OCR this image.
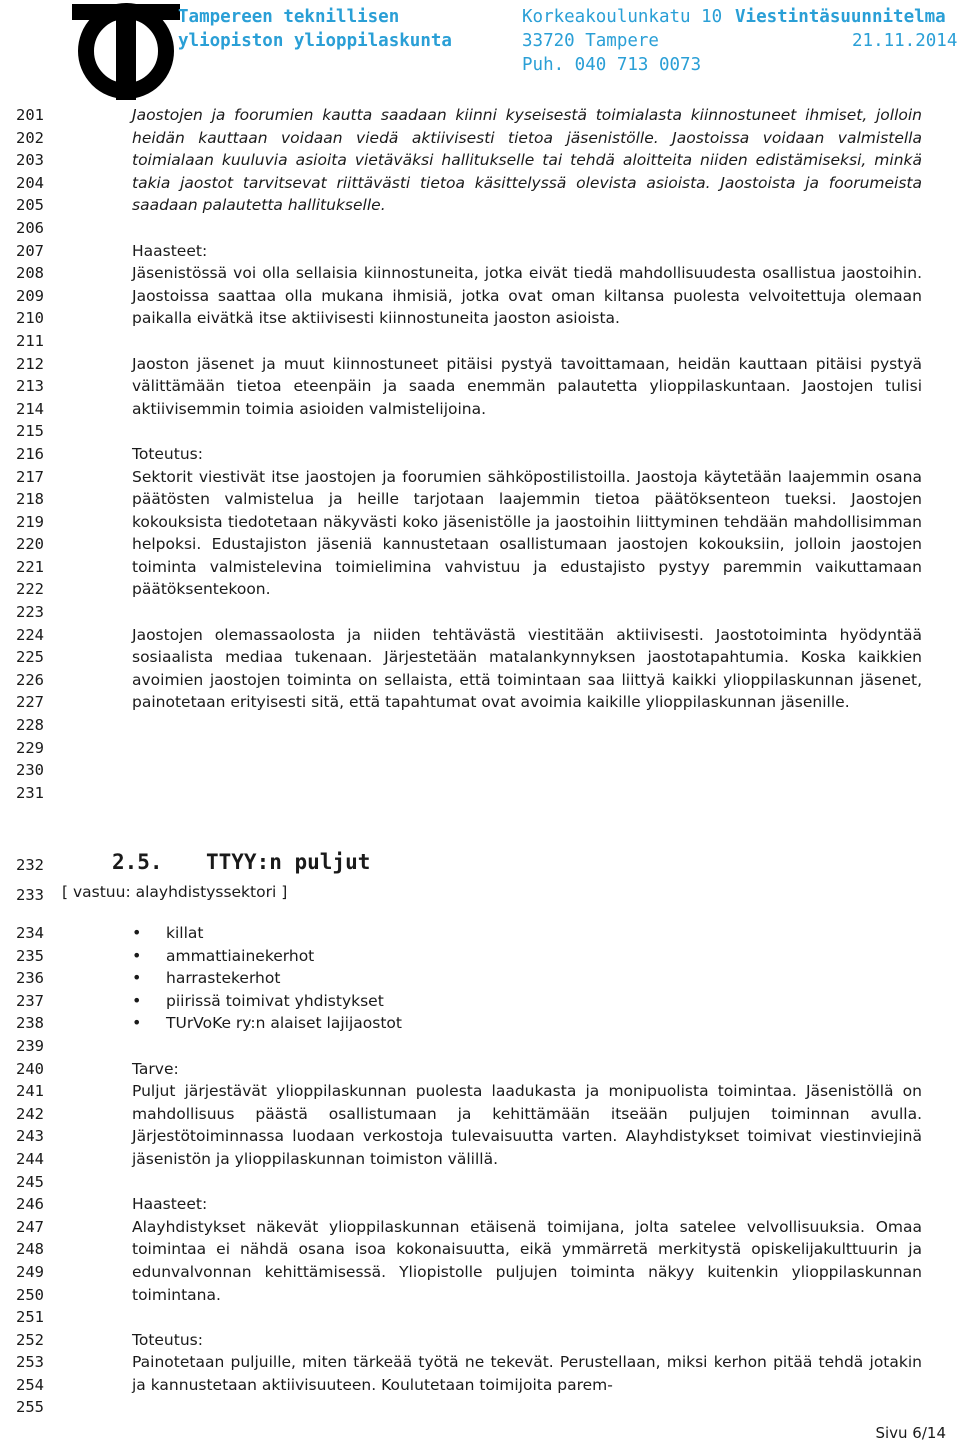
Tampereen teknillisen
yliopiston ylioppilaskunta
Korkeakoulunkatu 10
33720 Tampere
Puh. 040 713 0073
Viestintäsuunnitelma
21.11.2014
201
202
203
204
205
206
207
208
209
210
211
212
213
214
215
216
217
218
219
220
221
222
223
224
225
226
227
228
229
230
231
232
233
234
235
236
237
238
239
240
241
242
243
244
245
246
247
248
249
250
251
252
253
254
255

Jaostojen ja foorumien kautta saadaan kiinni kyseisestä toimialasta kiinnostuneet ihmiset, jolloin heidän kauttaan voidaan viedä aktiivisesti tietoa jäsenistölle. Jaostoissa voidaan valmistella toimialaan kuuluvia asioita vietäväksi hallitukselle tai tehdä aloitteita niiden edistämiseksi, minkä takia jaostot tarvitsevat riittävästi tietoa käsittelyssä olevista asioista. Jaostoista ja foorumeista saadaan palautetta hallitukselle.

Haasteet:

Jäsenistössä voi olla sellaisia kiinnostuneita, jotka eivät tiedä mahdollisuudesta osallistua jaostoihin. Jaostoissa saattaa olla mukana ihmisiä, jotka ovat oman kiltansa puolesta velvoitettuja olemaan paikalla eivätkä itse aktiivisesti kiinnostuneita jaoston asioista.

Jaoston jäsenet ja muut kiinnostuneet pitäisi pystyä tavoittamaan, heidän kauttaan pitäisi pystyä välittämään tietoa eteenpäin ja saada enemmän palautetta ylioppilaskuntaan. Jaostojen tulisi aktiivisemmin toimia asioiden valmistelijoina.

Toteutus:

Sektorit viestivät itse jaostojen ja foorumien sähköpostilistoilla. Jaostoja käytetään laajemmin osana päätösten valmistelua ja heille tarjotaan laajemmin tietoa päätöksenteon tueksi. Jaostojen kokouksista tiedotetaan näkyvästi koko jäsenistölle ja jaostoihin liittyminen tehdään mahdollisimman helpoksi. Edustajiston jäseniä kannustetaan osallistumaan jaostojen kokouksiin, jolloin jaostojen toiminta valmistelevina toimielimina vahvistuu ja edustajisto pystyy paremmin vaikuttamaan päätöksentekoon.

Jaostojen olemassaolosta ja niiden tehtävästä viestitään aktiivisesti. Jaostotoiminta hyödyntää sosiaalista mediaa tukenaan. Järjestetään matalankynnyksen jaostotapahtumia. Koska kaikkien avoimien jaostojen toiminta on sellaista, että toimintaan saa liittyä kaikki ylioppilaskunnan jäsenet, painotetaan erityisesti sitä, että tapahtumat ovat avoimia kaikille ylioppilaskunnan jäsenille.

2.5. TTYY:n puljut
[ vastuu: alayhdistyssektori ]
• killat
• ammattiainekerhot
• harrastekerhot
• piirissä toimivat yhdistykset
• TUrVoKe ry:n alaiset lajijaostot

Tarve:

Puljut järjestävät ylioppilaskunnan puolesta laadukasta ja monipuolista toimintaa. Jäsenistöllä on mahdollisuus päästä osallistumaan ja kehittämään itseään puljujen toiminnan avulla. Järjestötoiminnassa luodaan verkostoja tulevaisuutta varten. Alayhdistykset toimivat viestinviejinä jäsenistön ja ylioppilaskunnan toimiston välillä.

Haasteet:

Alayhdistykset näkevät ylioppilaskunnan etäisenä toimijana, jolta satelee velvollisuuksia. Omaa toimintaa ei nähdä osana isoa kokonaisuutta, eikä ymmärretä merkitystä opiskelijakulttuurin ja edunvalvonnan kehittämisessä. Yliopistolle puljujen toiminta näkyy kuitenkin ylioppilaskunnan toimintana.

Toteutus:

Painotetaan puljuille, miten tärkeää työtä ne tekevät. Perustellaan, miksi kerhon pitää tehdä jotakin ja kannustetaan aktiivisuuteen. Koulutetaan toimijoita parem-

Sivu 6/14
